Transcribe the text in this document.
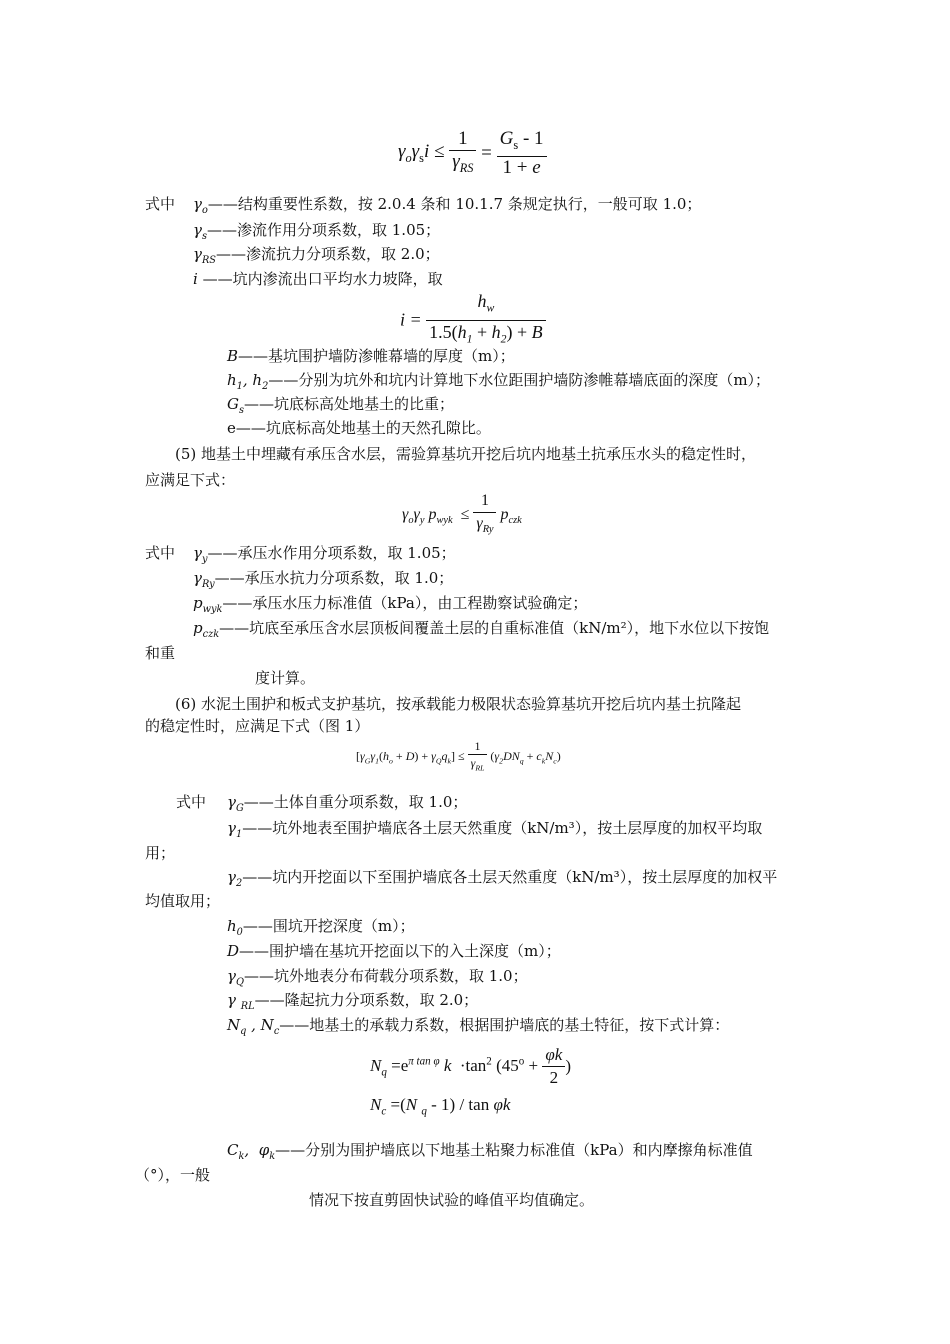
$\gamma_o\gamma_si \le \frac{1}{\gamma_{RS}} = \frac{G_s - 1}{1 + e}$
式中 $\gamma_o——$结构重要性系数，按 2.0.4 条和 10.1.7 条规定执行，一般可取 1.0；
$\gamma_s——$渗流作用分项系数，取 1.05；
$\gamma_{RS}——$渗流抗力分项系数，取 2.0；
i ——坑内渗流出口平均水力坡降，取
$i = \frac{h_w}{1.5(h_1 + h_2) + B}$
B——基坑围护墙防渗帷幕墙的厚度（m）；
$h_1$, $h_2——$分别为坑外和坑内计算地下水位距围护墙防渗帷幕墙底面的深度（m）；
$G_s——$坑底标高处地基土的比重；
e——坑底标高处地基土的天然孔隙比。
(5) 地基土中埋藏有承压含水层，需验算基坑开挖后坑内地基土抗承压水头的稳定性时，
应满足下式：
$\gamma_o\gamma_y$ $p_{wyk} \le \frac{1}{\gamma_{Ry}} p_{czk}$
式中 $\gamma_y——$承压水作用分项系数，取 1.05；
$\gamma_{Ry}——$承压水抗力分项系数，取 1.0；
$p_{wyk}——$承压水压力标准值（kPa），由工程勘察试验确定；
$p_{czk}——$坑底至承压含水层顶板间覆盖土层的自重标准值（kN/m²），地下水位以下按饱
和重
度计算。
(6) 水泥土围护和板式支护基坑，按承载能力极限状态验算基坑开挖后坑内基土抗隆起
的稳定性时，应满足下式（图 1）
$[\gamma_G\gamma_1(h_o + D) + \gamma_Qq_k] \le \frac{1}{\gamma_{RL}} (\gamma_2DN_q + c_kN_c)$
式中 $\gamma_G——$土体自重分项系数，取 1.0；
$\gamma_1——$坑外地表至围护墙底各土层天然重度（kN/m³），按土层厚度的加权平均取
用；
$\gamma_2——$坑内开挖面以下至围护墙底各土层天然重度（kN/m³），按土层厚度的加权平
均值取用；
$h_0——$围坑开挖深度（m）；
D——围护墙在基坑开挖面以下的入土深度（m）；
$\gamma_Q——$坑外地表分布荷载分项系数，取 1.0；
γ $_{RL}$——隆起抗力分项系数，取 2.0；
$N_q$ , $N_c——$地基土的承载力系数，根据围护墙底的基土特征，按下式计算：
$N_q =e^{\pi tan \varphi}$ $k \cdot\tan^2$ ($45^o + \frac{\varphi k}{2}$ )
$N_c =(N$ $_q$ - 1) / tan φk
$C_k$,  $\varphi_k——$分别为围护墙底以下地基土粘聚力标准值（kPa）和内摩擦角标准值
（°），一般
情况下按直剪固快试验的峰值平均值确定。
